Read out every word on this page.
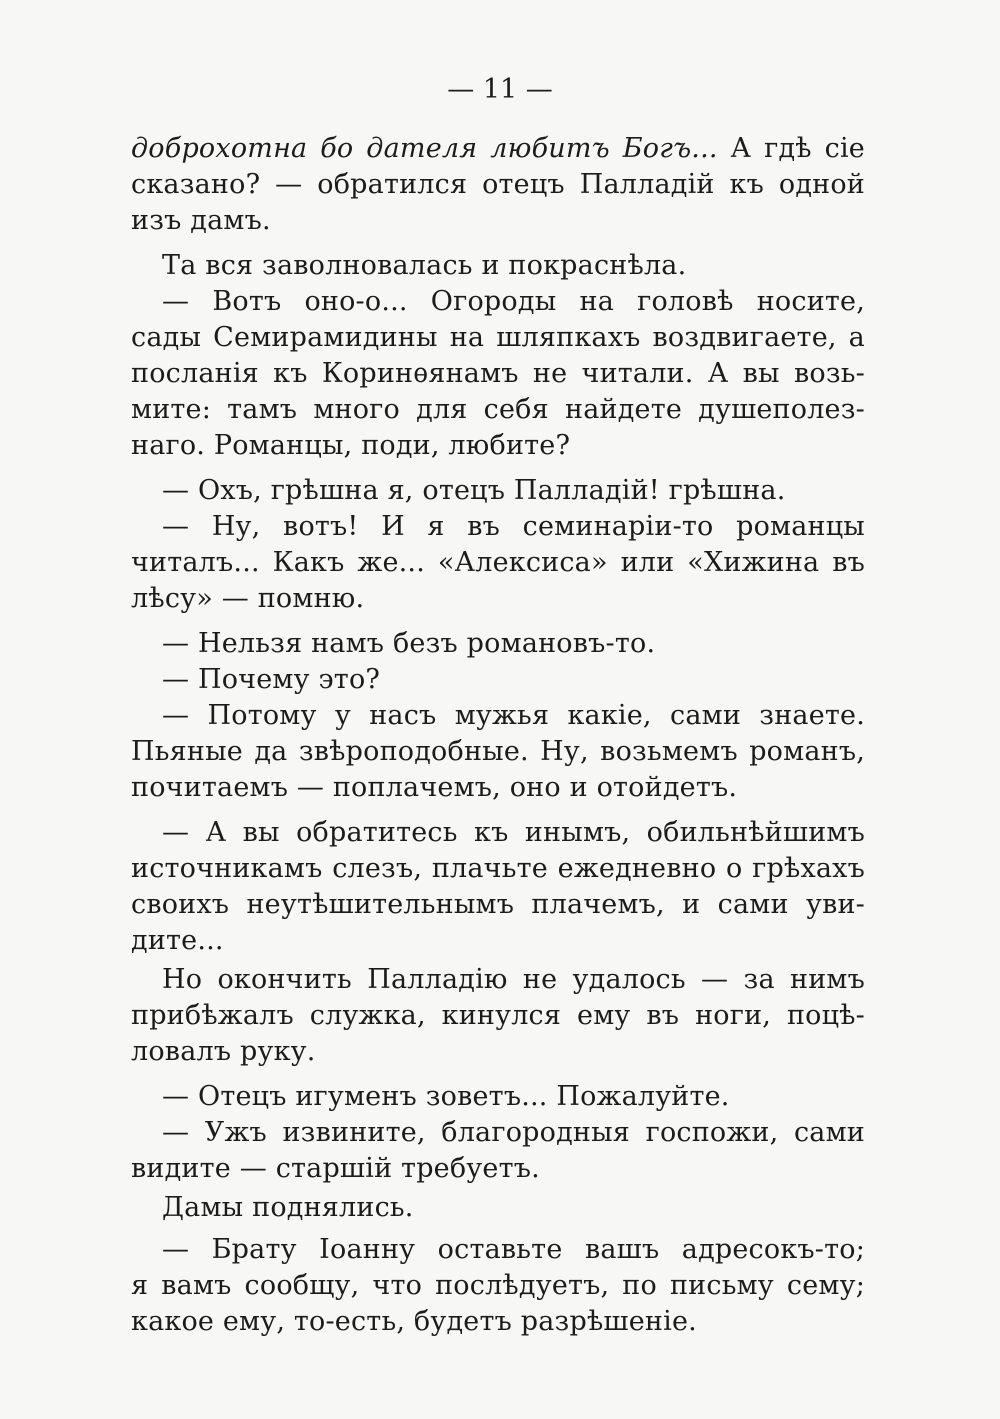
— 11 —
доброхотна бо дателя любитъ Богъ... А гдѣ сіе
сказано? — обратился отецъ Палладій къ одной
изъ дамъ.
Та вся заволновалась и покраснѣла.
— Вотъ оно-о... Огороды на головѣ носите,
сады Семирамидины на шляпкахъ воздвигаете, а
посланія къ Коринѳянамъ не читали. А вы возь-
мите: тамъ много для себя найдете душеполез-
наго. Романцы, поди, любите?
— Охъ, грѣшна я, отецъ Палладій! грѣшна.
— Ну, вотъ! И я въ семинаріи-то романцы
читалъ... Какъ же... «Алексиса» или «Хижина въ
лѣсу» — помню.
— Нельзя намъ безъ романовъ-то.
— Почему это?
— Потому у насъ мужья какіе, сами знаете.
Пьяные да звѣроподобные. Ну, возьмемъ романъ,
почитаемъ — поплачемъ, оно и отойдетъ.
— А вы обратитесь къ инымъ, обильнѣйшимъ
источникамъ слезъ, плачьте ежедневно о грѣхахъ
своихъ неутѣшительнымъ плачемъ, и сами уви-
дите...
Но окончить Палладію не удалось — за нимъ
прибѣжалъ служка, кинулся ему въ ноги, поцѣ-
ловалъ руку.
— Отецъ игуменъ зоветъ... Пожалуйте.
— Ужъ извините, благородныя госпожи, сами
видите — старшій требуетъ.
Дамы поднялись.
— Брату Іоанну оставьте вашъ адресокъ-то;
я вамъ сообщу, что послѣдуетъ, по письму сему;
какое ему, то-есть, будетъ разрѣшеніе.
